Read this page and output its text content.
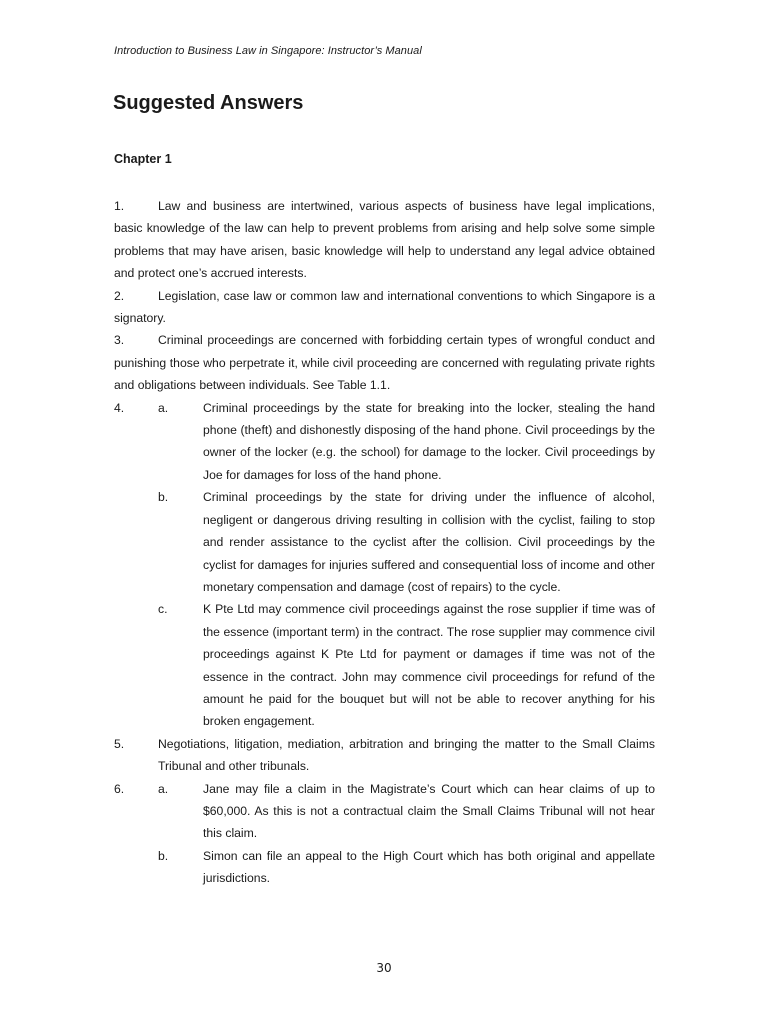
Introduction to Business Law in Singapore: Instructor’s Manual
Suggested Answers
Chapter 1
1.	Law and business are intertwined, various aspects of business have legal implications, basic knowledge of the law can help to prevent problems from arising and help solve some simple problems that may have arisen, basic knowledge will help to understand any legal advice obtained and protect one’s accrued interests.
2.	Legislation, case law or common law and international conventions to which Singapore is a signatory.
3.	Criminal proceedings are concerned with forbidding certain types of wrongful conduct and punishing those who perpetrate it, while civil proceeding are concerned with regulating private rights and obligations between individuals. See Table 1.1.
4.	a.	Criminal proceedings by the state for breaking into the locker, stealing the hand phone (theft) and dishonestly disposing of the hand phone. Civil proceedings by the owner of the locker (e.g. the school) for damage to the locker. Civil proceedings by Joe for damages for loss of the hand phone.
b.	Criminal proceedings by the state for driving under the influence of alcohol, negligent or dangerous driving resulting in collision with the cyclist, failing to stop and render assistance to the cyclist after the collision. Civil proceedings by the cyclist for damages for injuries suffered and consequential loss of income and other monetary compensation and damage (cost of repairs) to the cycle.
c.	K Pte Ltd may commence civil proceedings against the rose supplier if time was of the essence (important term) in the contract. The rose supplier may commence civil proceedings against K Pte Ltd for payment or damages if time was not of the essence in the contract. John may commence civil proceedings for refund of the amount he paid for the bouquet but will not be able to recover anything for his broken engagement.
5.	Negotiations, litigation, mediation, arbitration and bringing the matter to the Small Claims Tribunal and other tribunals.
6.	a.	Jane may file a claim in the Magistrate’s Court which can hear claims of up to $60,000. As this is not a contractual claim the Small Claims Tribunal will not hear this claim.
b.	Simon can file an appeal to the High Court which has both original and appellate jurisdictions.
30
